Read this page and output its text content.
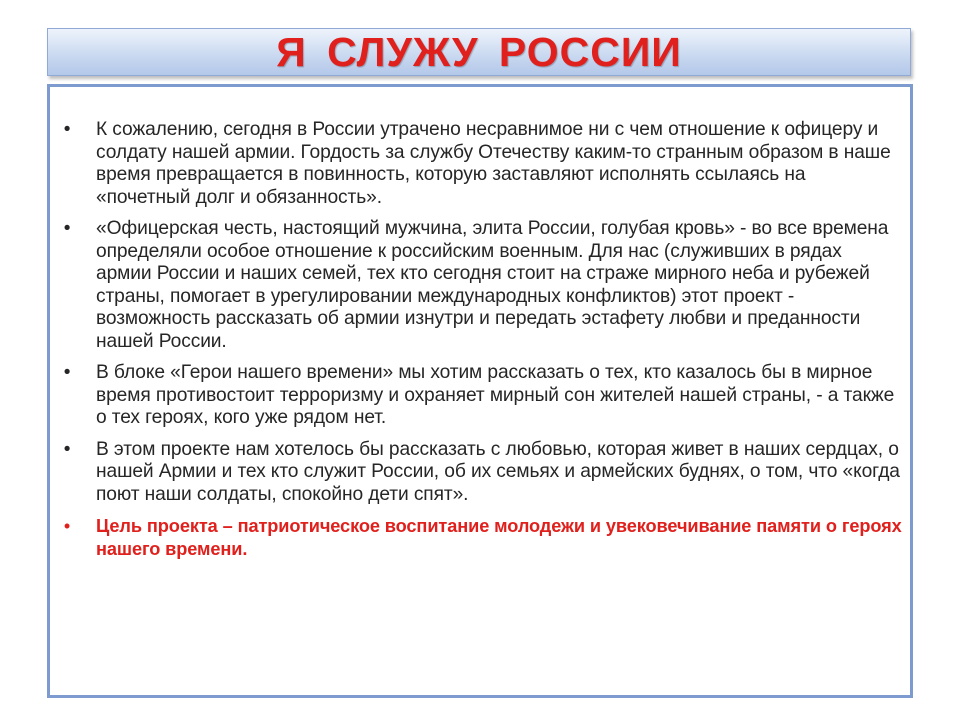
Я СЛУЖУ РОССИИ
• К сожалению, сегодня в России утрачено несравнимое ни с чем отношение к офицеру и солдату нашей армии. Гордость за службу Отечеству каким-то странным образом в наше время превращается в повинность, которую заставляют исполнять ссылаясь на «почетный долг и обязанность».
• «Офицерская честь, настоящий мужчина, элита России, голубая кровь» - во все времена определяли особое отношение к российским военным. Для нас (служивших в рядах армии России и наших семей, тех кто сегодня стоит на страже мирного неба и рубежей страны, помогает в урегулировании международных конфликтов) этот проект - возможность рассказать об армии изнутри и передать эстафету любви и преданности нашей России.
• В блоке «Герои нашего времени» мы хотим рассказать о тех, кто казалось бы в мирное время противостоит терроризму и охраняет мирный сон жителей нашей страны, - а также о тех героях, кого уже рядом нет.
• В этом проекте нам хотелось бы рассказать с любовью, которая живет в наших сердцах, о нашей Армии и тех кто служит России, об их семьях и армейских буднях, о том, что «когда поют наши солдаты, спокойно дети спят».
• Цель проекта – патриотическое воспитание молодежи и увековечивание памяти о героях нашего времени.
